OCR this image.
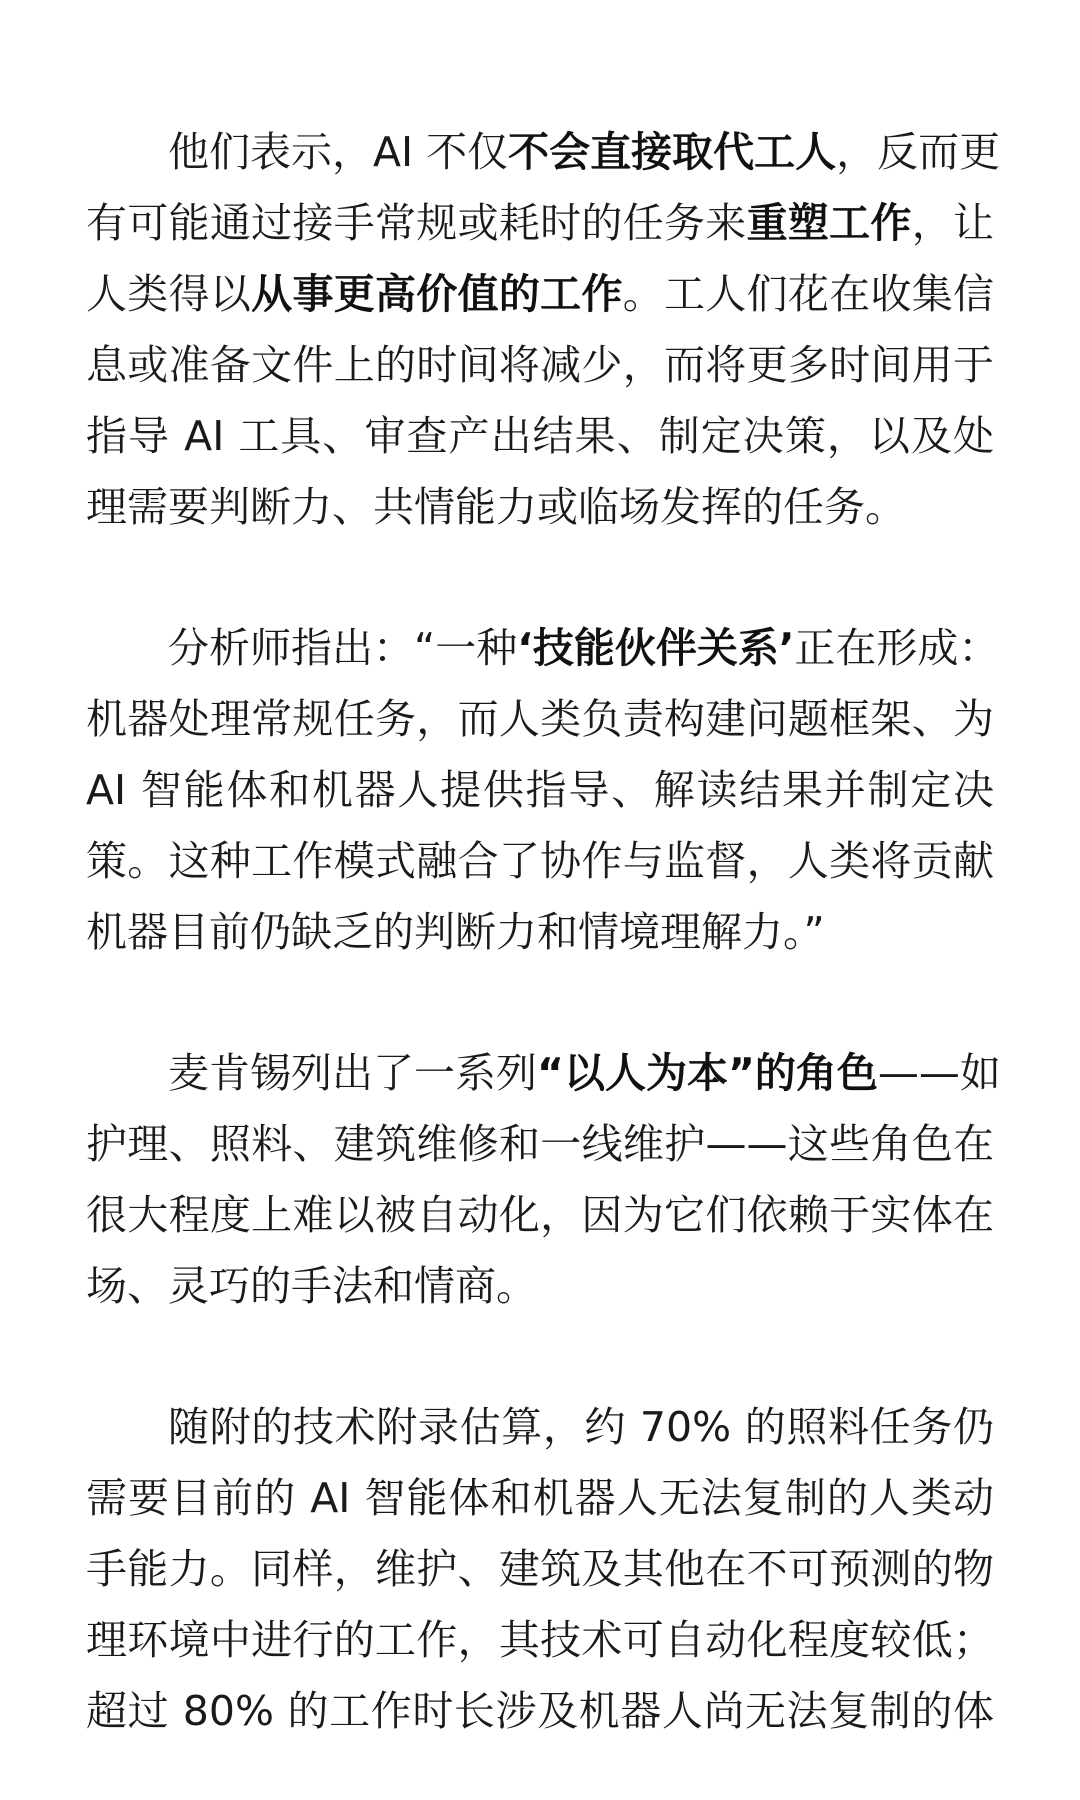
他们表示，AI 不仅不会直接取代工人，反而更
有可能通过接手常规或耗时的任务来重塑工作，让
人类得以从事更高价值的工作。工人们花在收集信
息或准备文件上的时间将减少，而将更多时间用于
指导 AI 工具、审查产出结果、制定决策，以及处
理需要判断力、共情能力或临场发挥的任务。
分析师指出：“一种‘技能伙伴关系’正在形成：
机器处理常规任务，而人类负责构建问题框架、为
AI 智能体和机器人提供指导、解读结果并制定决
策。这种工作模式融合了协作与监督，人类将贡献
机器目前仍缺乏的判断力和情境理解力。”
麦肯锡列出了一系列“以人为本”的角色——如
护理、照料、建筑维修和一线维护——这些角色在
很大程度上难以被自动化，因为它们依赖于实体在
场、灵巧的手法和情商。
随附的技术附录估算，约 70% 的照料任务仍
需要目前的 AI 智能体和机器人无法复制的人类动
手能力。同样，维护、建筑及其他在不可预测的物
理环境中进行的工作，其技术可自动化程度较低；
超过 80% 的工作时长涉及机器人尚无法复制的体
